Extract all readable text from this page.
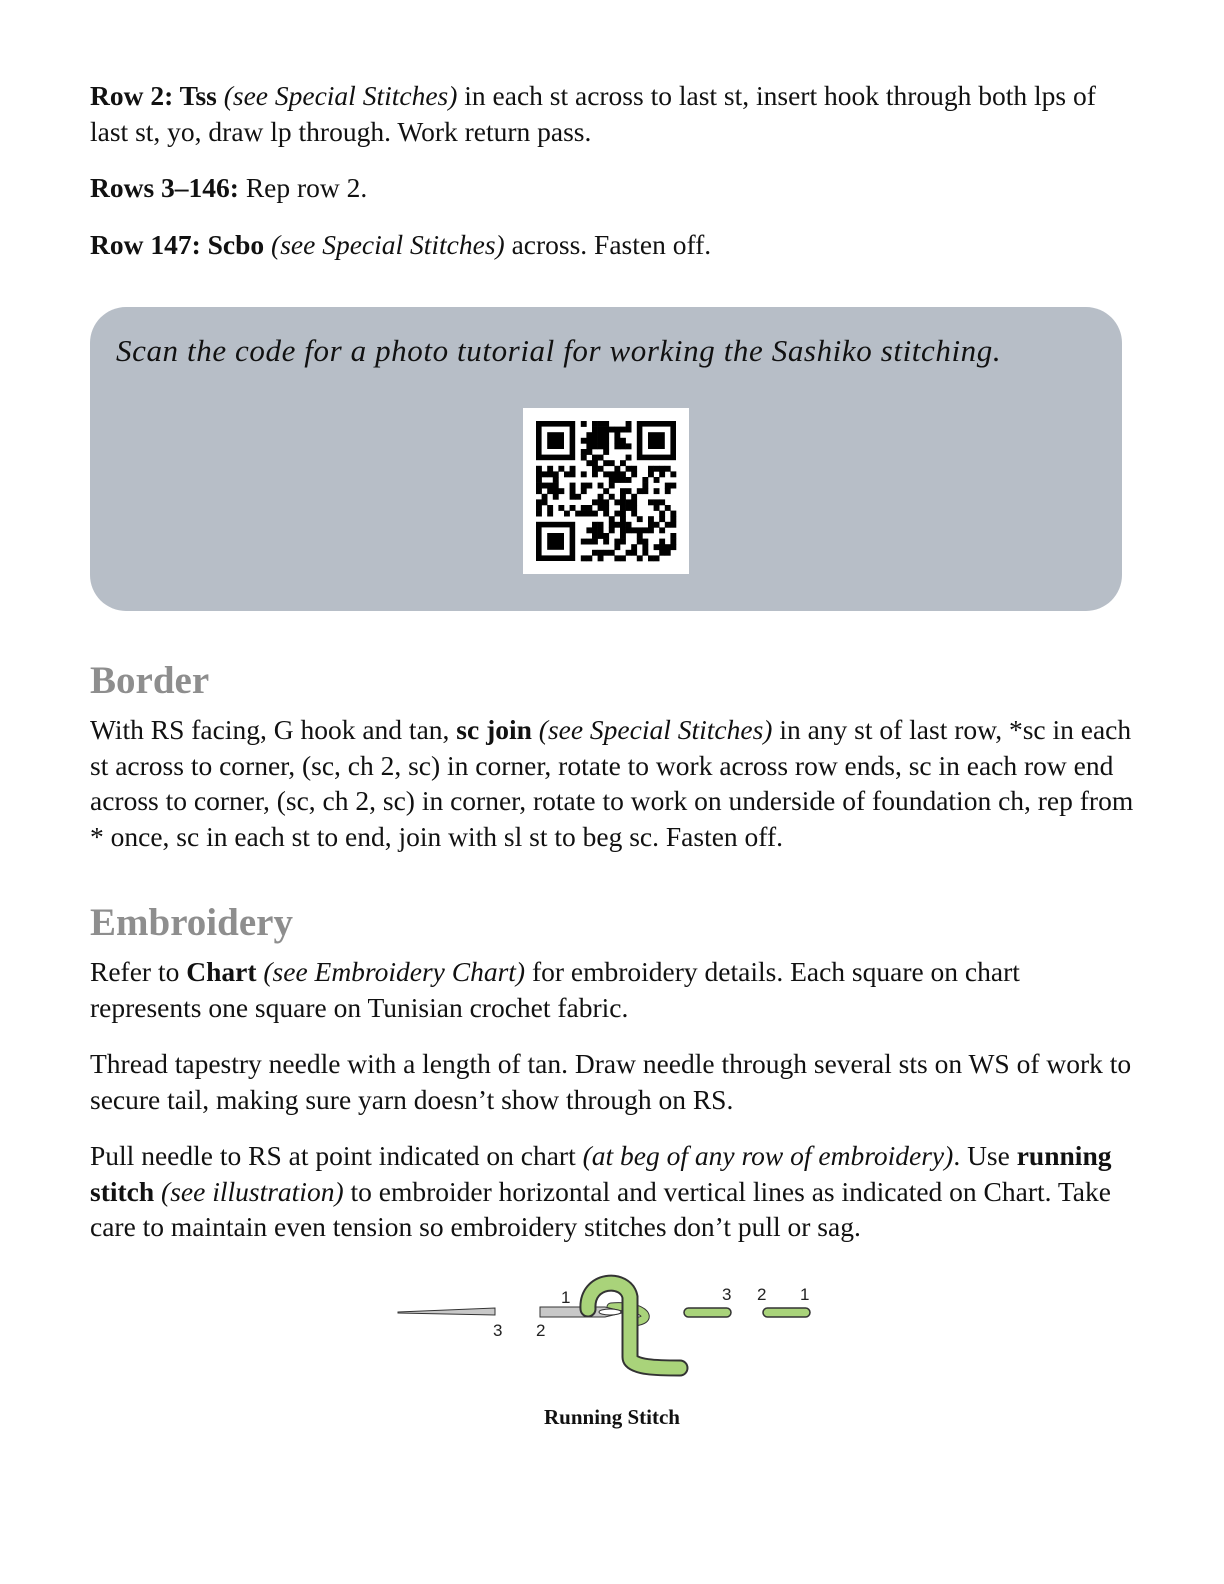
Row 2: Tss (see Special Stitches) in each st across to last st, insert hook through both lps of last st, yo, draw lp through. Work return pass.

Rows 3–146: Rep row 2.

Row 147: Scbo (see Special Stitches) across. Fasten off.

Scan the code for a photo tutorial for working the Sashiko stitching.

Border

With RS facing, G hook and tan, sc join (see Special Stitches) in any st of last row, *sc in each st across to corner, (sc, ch 2, sc) in corner, rotate to work across row ends, sc in each row end across to corner, (sc, ch 2, sc) in corner, rotate to work on underside of foundation ch, rep from * once, sc in each st to end, join with sl st to beg sc. Fasten off.

Embroidery

Refer to Chart (see Embroidery Chart) for embroidery details. Each square on chart represents one square on Tunisian crochet fabric.

Thread tapestry needle with a length of tan. Draw needle through several sts on WS of work to secure tail, making sure yarn doesn’t show through on RS.

Pull needle to RS at point indicated on chart (at beg of any row of embroidery). Use running stitch (see illustration) to embroider horizontal and vertical lines as indicated on Chart. Take care to maintain even tension so embroidery stitches don’t pull or sag.

3 2
1	3 2 1

Running Stitch
